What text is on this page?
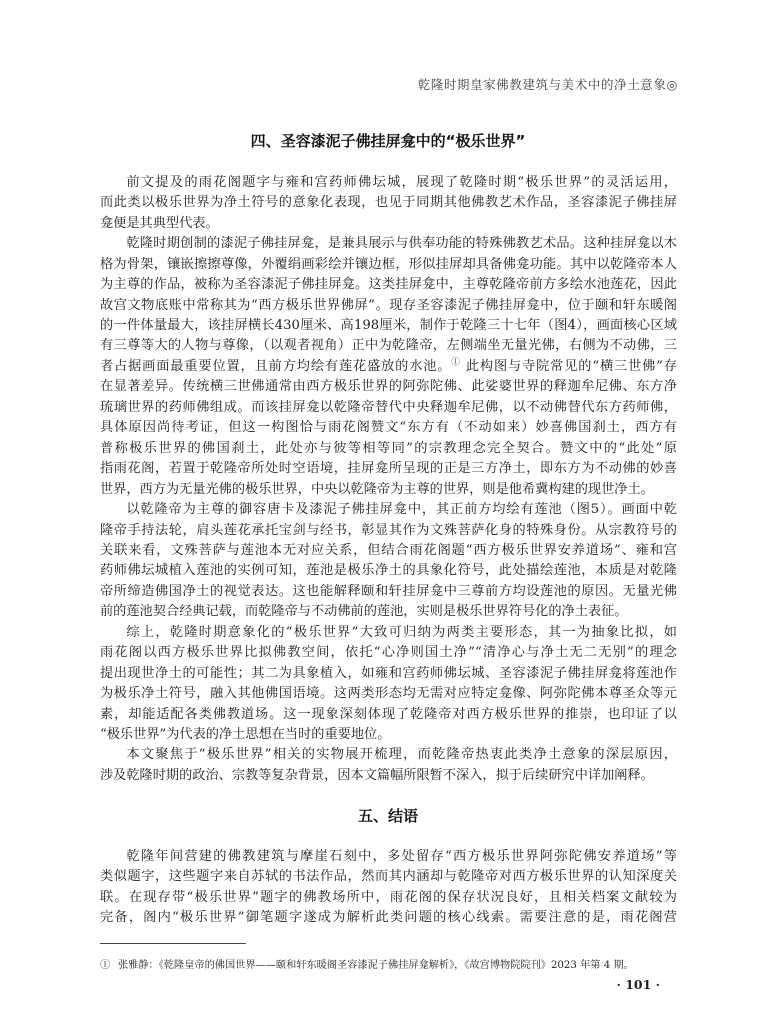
乾隆时期皇家佛教建筑与美术中的净土意象◎
四、圣容漆泥子佛挂屏龛中的“极乐世界”
前文提及的雨花阁题字与雍和宫药师佛坛城，展现了乾隆时期“极乐世界”的灵活运用，
而此类以极乐世界为净土符号的意象化表现，也见于同期其他佛教艺术作品，圣容漆泥子佛挂屏
龛便是其典型代表。
乾隆时期创制的漆泥子佛挂屏龛，是兼具展示与供奉功能的特殊佛教艺术品。这种挂屏龛以木
格为骨架，镶嵌擦擦尊像，外覆绢画彩绘并镶边框，形似挂屏却具备佛龛功能。其中以乾隆帝本人
为主尊的作品，被称为圣容漆泥子佛挂屏龛。这类挂屏龛中，主尊乾隆帝前方多绘水池莲花，因此
故宫文物底账中常称其为“西方极乐世界佛屏”。现存圣容漆泥子佛挂屏龛中，位于颐和轩东暖阁
的一件体量最大，该挂屏横长430厘米、高198厘米，制作于乾隆三十七年（图4），画面核心区域
有三尊等大的人物与尊像，（以观者视角）正中为乾隆帝，左侧端坐无量光佛，右侧为不动佛，三
者占据画面最重要位置，且前方均绘有莲花盛放的水池。① 此构图与寺院常见的“横三世佛”存
在显著差异。传统横三世佛通常由西方极乐世界的阿弥陀佛、此娑婆世界的释迦牟尼佛、东方净
琉璃世界的药师佛组成。而该挂屏龛以乾隆帝替代中央释迦牟尼佛，以不动佛替代东方药师佛，
具体原因尚待考证，但这一构图恰与雨花阁赞文“东方有（不动如来）妙喜佛国刹土，西方有
普称极乐世界的佛国刹土，此处亦与彼等相等同”的宗教理念完全契合。赞文中的“此处”原
指雨花阁，若置于乾隆帝所处时空语境，挂屏龛所呈现的正是三方净土，即东方为不动佛的妙喜
世界，西方为无量光佛的极乐世界，中央以乾隆帝为主尊的世界，则是他希冀构建的现世净土。
以乾隆帝为主尊的御容唐卡及漆泥子佛挂屏龛中，其正前方均绘有莲池（图5）。画面中乾
隆帝手持法轮，肩头莲花承托宝剑与经书，彰显其作为文殊菩萨化身的特殊身份。从宗教符号的
关联来看，文殊菩萨与莲池本无对应关系，但结合雨花阁题“西方极乐世界安养道场”、雍和宫
药师佛坛城植入莲池的实例可知，莲池是极乐净土的具象化符号，此处描绘莲池，本质是对乾隆
帝所缔造佛国净土的视觉表达。这也能解释颐和轩挂屏龛中三尊前方均设莲池的原因。无量光佛
前的莲池契合经典记载，而乾隆帝与不动佛前的莲池，实则是极乐世界符号化的净土表征。
综上，乾隆时期意象化的“极乐世界”大致可归纳为两类主要形态，其一为抽象比拟，如
雨花阁以西方极乐世界比拟佛教空间，依托“心净则国土净”“清净心与净土无二无别”的理念
提出现世净土的可能性；其二为具象植入，如雍和宫药师佛坛城、圣容漆泥子佛挂屏龛将莲池作
为极乐净土符号，融入其他佛国语境。这两类形态均无需对应特定龛像、阿弥陀佛本尊圣众等元
素，却能适配各类佛教道场。这一现象深刻体现了乾隆帝对西方极乐世界的推崇，也印证了以
“极乐世界”为代表的净土思想在当时的重要地位。
本文聚焦于“极乐世界”相关的实物展开梳理，而乾隆帝热衷此类净土意象的深层原因，
涉及乾隆时期的政治、宗教等复杂背景，因本文篇幅所限暂不深入，拟于后续研究中详加阐释。
五、结语
乾隆年间营建的佛教建筑与摩崖石刻中，多处留存“西方极乐世界阿弥陀佛安养道场”等
类似题字，这些题字来自苏轼的书法作品，然而其内涵却与乾隆帝对西方极乐世界的认知深度关
联。在现存带“极乐世界”题字的佛教场所中，雨花阁的保存状况良好，且相关档案文献较为
完备，阁内“极乐世界”御笔题字遂成为解析此类问题的核心线索。需要注意的是，雨花阁营
① 张雅静：《乾隆皇帝的佛国世界——颐和轩东暖阁圣容漆泥子佛挂屏龛解析》，《故宫博物院院刊》2023 年第 4 期。
· 101 ·
